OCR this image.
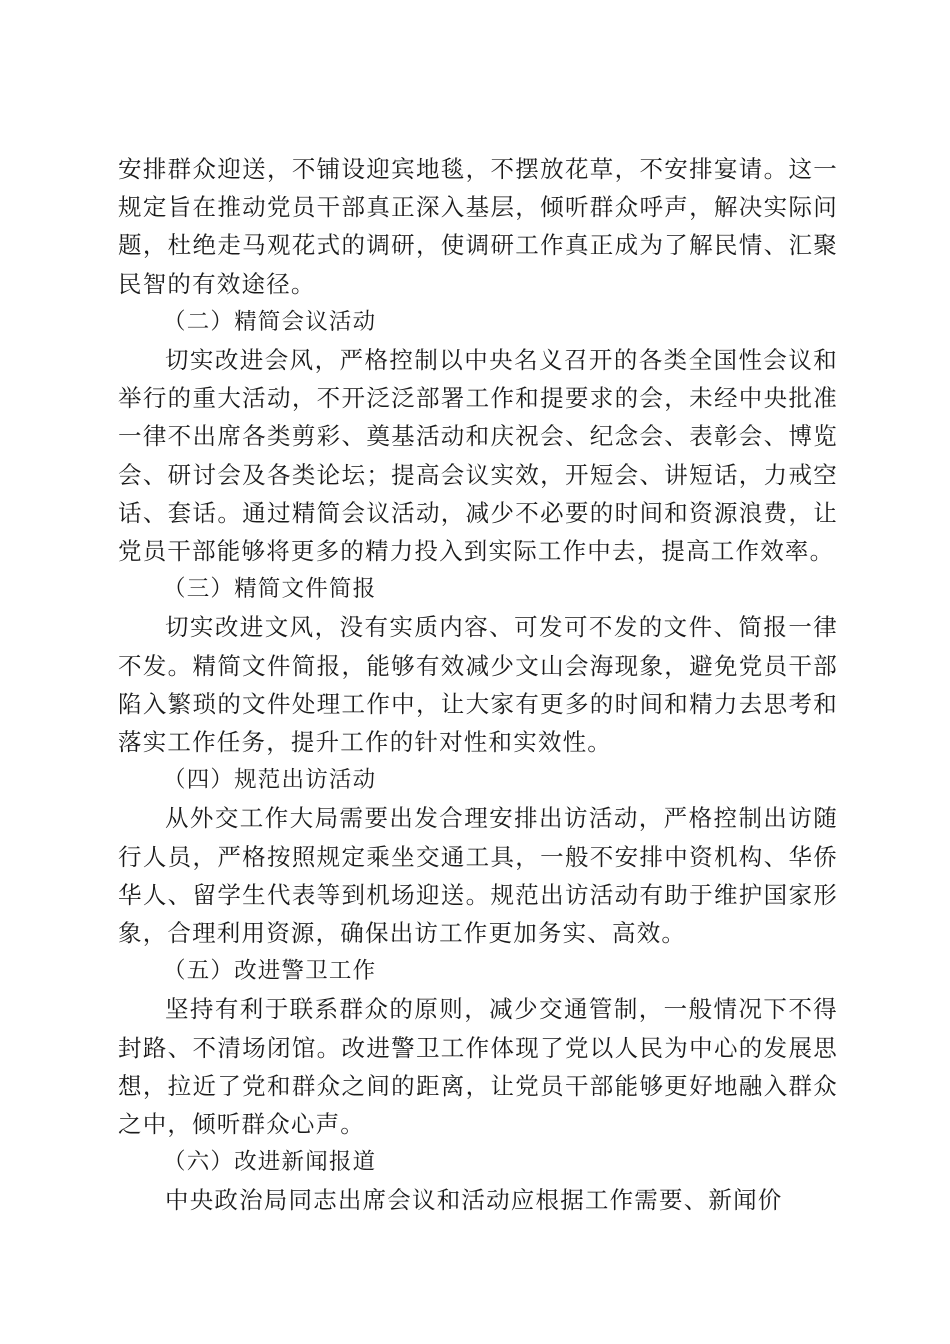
安排群众迎送，不铺设迎宾地毯，不摆放花草，不安排宴请。这一规定旨在推动党员干部真正深入基层，倾听群众呼声，解决实际问题，杜绝走马观花式的调研，使调研工作真正成为了解民情、汇聚民智的有效途径。

（二）精简会议活动

切实改进会风，严格控制以中央名义召开的各类全国性会议和举行的重大活动，不开泛泛部署工作和提要求的会，未经中央批准一律不出席各类剪彩、奠基活动和庆祝会、纪念会、表彰会、博览会、研讨会及各类论坛；提高会议实效，开短会、讲短话，力戒空话、套话。通过精简会议活动，减少不必要的时间和资源浪费，让党员干部能够将更多的精力投入到实际工作中去，提高工作效率。

（三）精简文件简报

切实改进文风，没有实质内容、可发可不发的文件、简报一律不发。精简文件简报，能够有效减少文山会海现象，避免党员干部陷入繁琐的文件处理工作中，让大家有更多的时间和精力去思考和落实工作任务，提升工作的针对性和实效性。

（四）规范出访活动

从外交工作大局需要出发合理安排出访活动，严格控制出访随行人员，严格按照规定乘坐交通工具，一般不安排中资机构、华侨华人、留学生代表等到机场迎送。规范出访活动有助于维护国家形象，合理利用资源，确保出访工作更加务实、高效。

（五）改进警卫工作

坚持有利于联系群众的原则，减少交通管制，一般情况下不得封路、不清场闭馆。改进警卫工作体现了党以人民为中心的发展思想，拉近了党和群众之间的距离，让党员干部能够更好地融入群众之中，倾听群众心声。

（六）改进新闻报道

中央政治局同志出席会议和活动应根据工作需要、新闻价
